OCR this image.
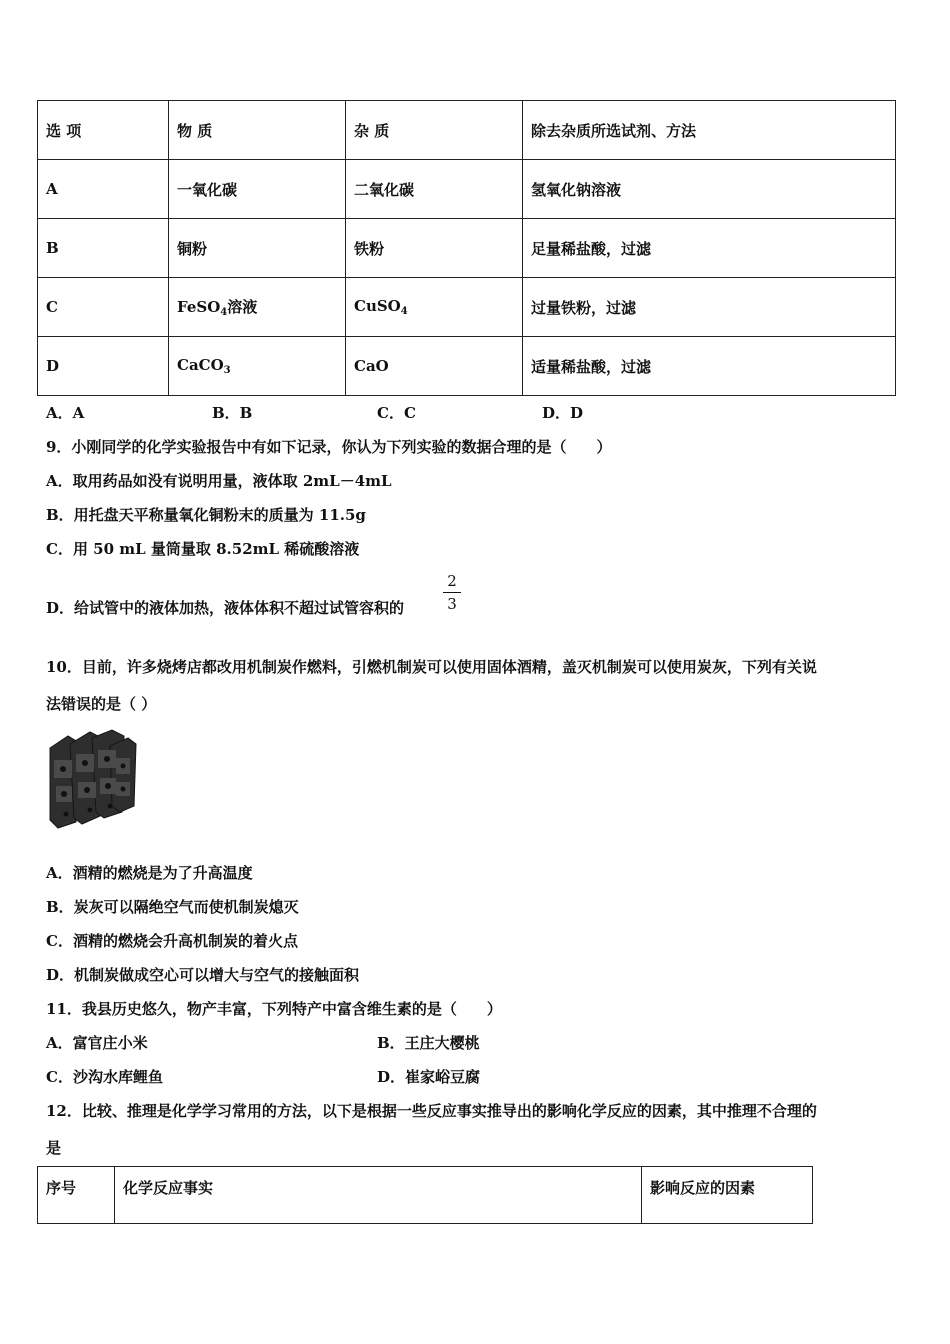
选 项	物 质	杂 质	除去杂质所选试剂、方法
A	一氧化碳	二氧化碳	氢氧化钠溶液
B	铜粉	铁粉	足量稀盐酸，过滤
C	FeSO$_4$溶液	CuSO$_4$	过量铁粉，过滤
D	CaCO$_3$	CaO	适量稀盐酸，过滤
A．A	B．B	C．C	D．D
9．小刚同学的化学实验报告中有如下记录，你认为下列实验的数据合理的是（　　）
A．取用药品如没有说明用量，液体取 2mL－4mL
B．用托盘天平称量氧化铜粉末的质量为 11.5g
C．用 50 mL 量筒量取 8.52mL 稀硫酸溶液
D．给试管中的液体加热，液体体积不超过试管容积的
2
3
10．目前，许多烧烤店都改用机制炭作燃料，引燃机制炭可以使用固体酒精，盖灭机制炭可以使用炭灰，下列有关说
法错误的是（ ）
A．酒精的燃烧是为了升高温度
B．炭灰可以隔绝空气而使机制炭熄灭
C．酒精的燃烧会升高机制炭的着火点
D．机制炭做成空心可以增大与空气的接触面积
11．我县历史悠久，物产丰富，下列特产中富含维生素的是（　　）
A．富官庄小米	B．王庄大樱桃
C．沙沟水库鲤鱼	D．崔家峪豆腐
12．比较、推理是化学学习常用的方法，以下是根据一些反应事实推导出的影响化学反应的因素，其中推理不合理的
是
序号	化学反应事实	影响反应的因素
